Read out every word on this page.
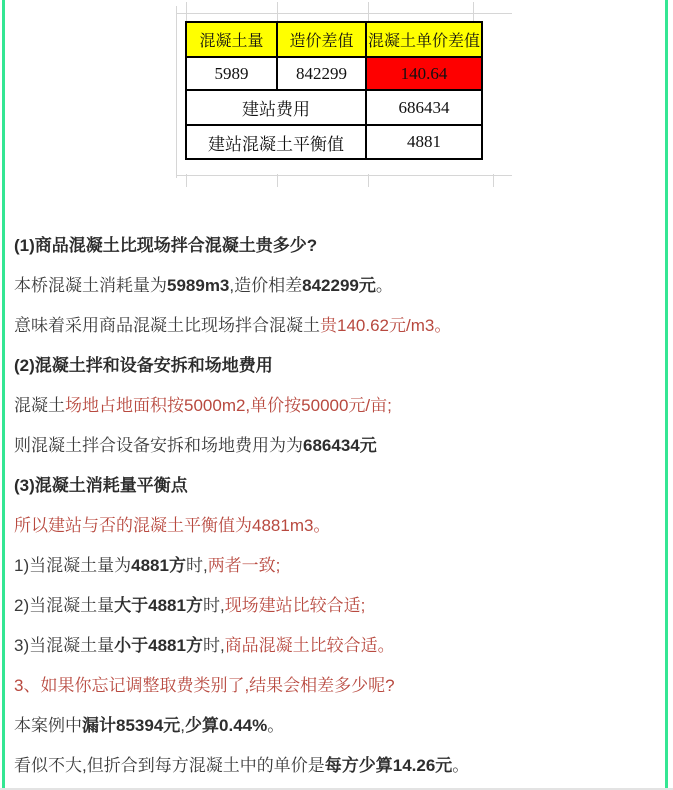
混凝土量	造价差值	混凝土单价差值
5989	842299	140.64
建站费用		686434
建站混凝土平衡值		4881
(1)商品混凝土比现场拌合混凝土贵多少?

本桥混凝土消耗量为5989m3,造价相差842299元。

意味着采用商品混凝土比现场拌合混凝土贵140.62元/m3。

(2)混凝土拌和设备安拆和场地费用

混凝土场地占地面积按5000m2,单价按50000元/亩;

则混凝土拌合设备安拆和场地费用为为686434元

(3)混凝土消耗量平衡点

所以建站与否的混凝土平衡值为4881m3。

1)当混凝土量为4881方时,两者一致;

2)当混凝土量大于4881方时,现场建站比较合适;

3)当混凝土量小于4881方时,商品混凝土比较合适。

3、如果你忘记调整取费类别了,结果会相差多少呢?

本案例中漏计85394元,少算0.44%。

看似不大,但折合到每方混凝土中的单价是每方少算14.26元。
